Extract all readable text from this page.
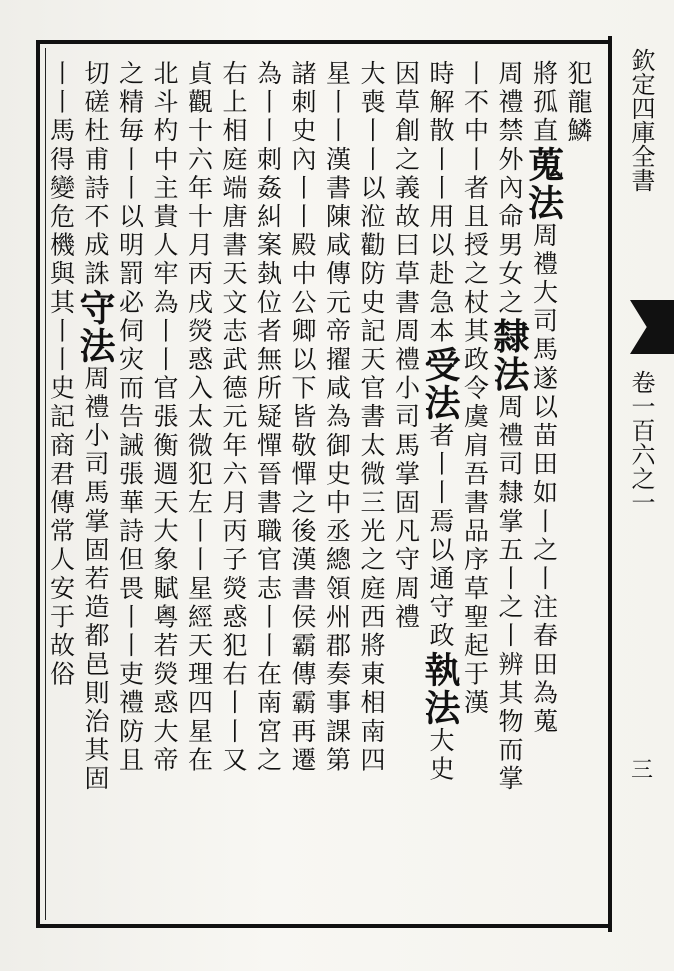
欽定四庫全書
卷一百六之一
三
犯龍鱗
將孤直蒐法周禮大司馬遂以苗田如丨之丨注春田為蒐
周禮禁外內命男女之隸法周禮司隸掌五丨之丨辨其物而掌
丨不中丨者且授之杖其政令虞肩吾書品序草聖起于漢
時解散丨丨用以赴急本受法者丨丨焉以通守政執法大史
因草創之義故曰草書周禮小司馬掌固凡守周禮
大喪丨丨以涖勸防史記天官書太微三光之庭西將東相南四
星丨丨漢書陳咸傳元帝擢咸為御史中丞總領州郡奏事課第
諸刺史內丨丨殿中公卿以下皆敬憚之後漢書侯霸傳霸再遷
為丨丨刺姦糾案埶位者無所疑憚晉書職官志丨丨在南宮之
右上相庭端唐書天文志武德元年六月丙子熒惑犯右丨丨又
貞觀十六年十月丙戌熒惑入太微犯左丨丨星經天理四星在
北斗杓中主貴人牢為丨丨官張衡週天大象賦粵若熒惑大帝
之精毎丨丨以明罰必伺灾而告誡張華詩但畏丨丨吏禮防且
切磋杜甫詩不成誅守法周禮小司馬掌固若造都邑則治其固
丨丨馬得變危機與其丨丨史記商君傳常人安于故俗
